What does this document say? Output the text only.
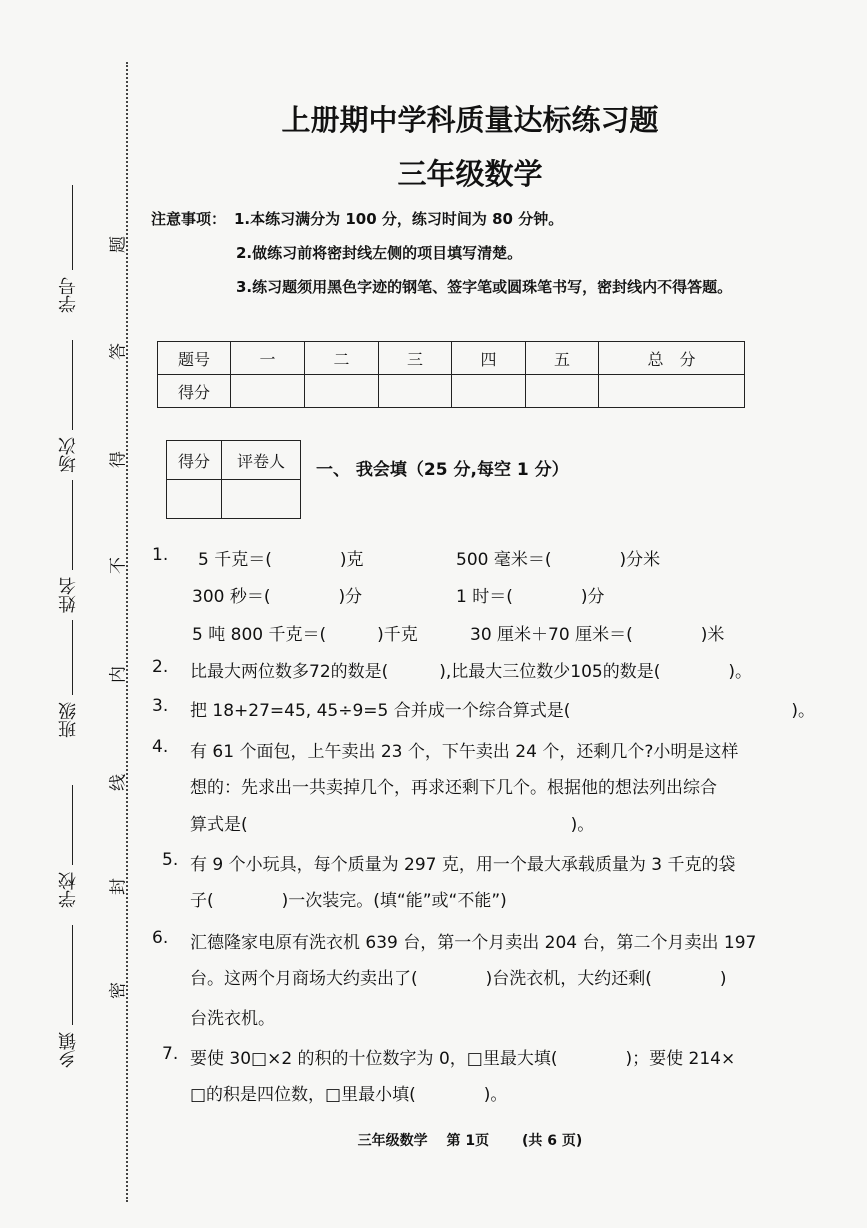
乡镇
学校
班级
姓名
场次
学号
密
封
线
内
不
得
答
题
上册期中学科质量达标练习题
三年级数学
注意事项： 1.本练习满分为 100 分，练习时间为 80 分钟。
2.做练习前将密封线左侧的项目填写清楚。
3.练习题须用黑色字迹的钢笔、签字笔或圆珠笔书写，密封线内不得答题。
题号	一	二	三	四	五	总　分
得分						
得分	评卷人
	一、 我会填（25 分,每空 1 分）
1. 5 千克＝(　　　　)克	500 毫米＝(　　　　)分米
300 秒＝(　　　　)分	1 时＝(　　　　)分
5 吨 800 千克＝(　　　)千克	30 厘米＋70 厘米＝(　　　　)米
2. 比最大两位数多72的数是(　　　),比最大三位数少105的数是(　　　　)。
3. 把 18+27=45, 45÷9=5 合并成一个综合算式是(　　　　　　　　　　　　　)。
4. 有 61 个面包，上午卖出 23 个，下午卖出 24 个，还剩几个?小明是这样
想的：先求出一共卖掉几个，再求还剩下几个。根据他的想法列出综合
算式是(　　　　　　　　　　　　　　　　　　　)。
5. 有 9 个小玩具，每个质量为 297 克，用一个最大承载质量为 3 千克的袋
子(　　　　)一次装完。(填“能”或“不能”)
6. 汇德隆家电原有洗衣机 639 台，第一个月卖出 204 台，第二个月卖出 197
台。这两个月商场大约卖出了(　　　　)台洗衣机，大约还剩(　　　　)
台洗衣机。
7. 要使 30□×2 的积的十位数字为 0，□里最大填(　　　　)；要使 214×
□的积是四位数，□里最小填(　　　　)。
三年级数学　 第 1页　　 (共 6 页)
